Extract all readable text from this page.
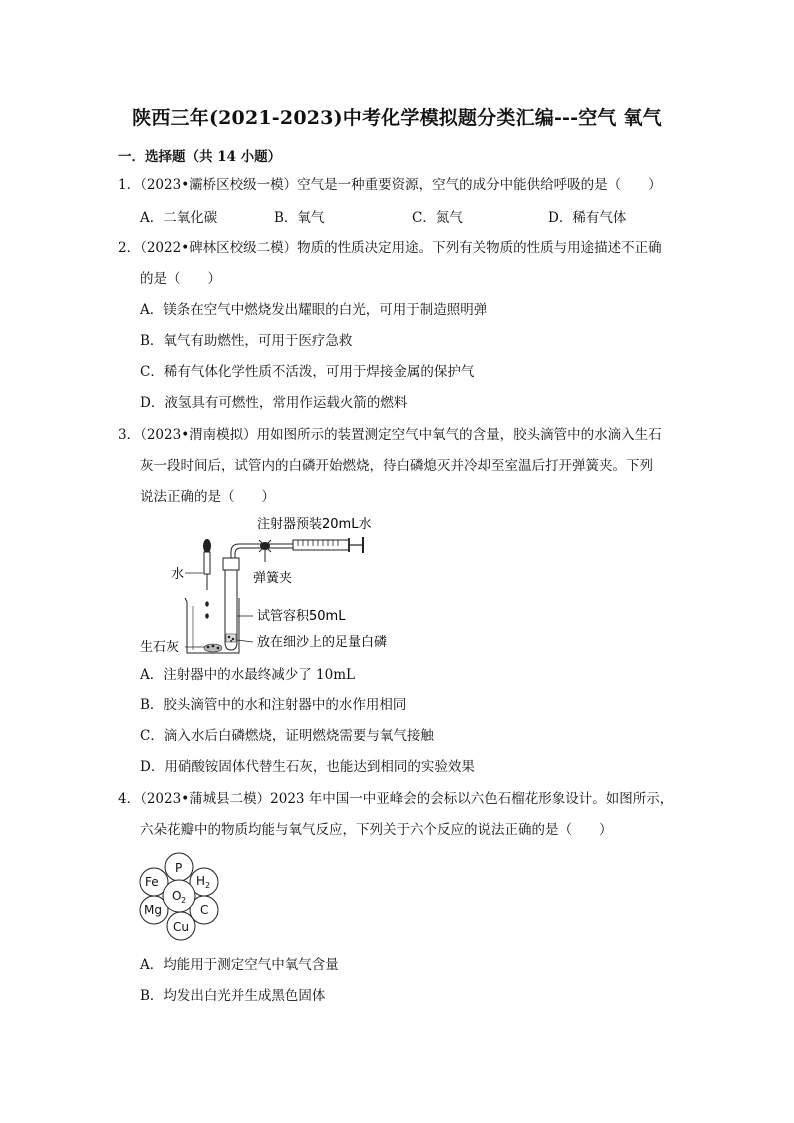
陕西三年(2021-2023)中考化学模拟题分类汇编---空气 氧气
一．选择题（共 14 小题）
1．（2023•灞桥区校级一模）空气是一种重要资源，空气的成分中能供给呼吸的是（　　）
A．二氧化碳	B．氧气	C．氮气	D．稀有气体
2．（2022•碑林区校级二模）物质的性质决定用途。下列有关物质的性质与用途描述不正确
的是（　　）
A．镁条在空气中燃烧发出耀眼的白光，可用于制造照明弹
B．氧气有助燃性，可用于医疗急救
C．稀有气体化学性质不活泼，可用于焊接金属的保护气
D．液氢具有可燃性，常用作运载火箭的燃料
3．（2023•渭南模拟）用如图所示的装置测定空气中氧气的含量，胶头滴管中的水滴入生石
灰一段时间后，试管内的白磷开始燃烧，待白磷熄灭并冷却至室温后打开弹簧夹。下列
说法正确的是（　　）
注射器预装20mL水
弹簧夹
水
试管容积50mL
放在细沙上的足量白磷
生石灰
A．注射器中的水最终减少了 10mL
B．胶头滴管中的水和注射器中的水作用相同
C．滴入水后白磷燃烧，证明燃烧需要与氧气接触
D．用硝酸铵固体代替生石灰，也能达到相同的实验效果
4．（2023•蒲城县二模）2023 年中国一中亚峰会的会标以六色石榴花形象设计。如图所示，
六朵花瓣中的物质均能与氧气反应，下列关于六个反应的说法正确的是（　　）
O 2
P
H 2
C
Cu
Mg
Fe
A．均能用于测定空气中氧气含量
B．均发出白光并生成黑色固体
